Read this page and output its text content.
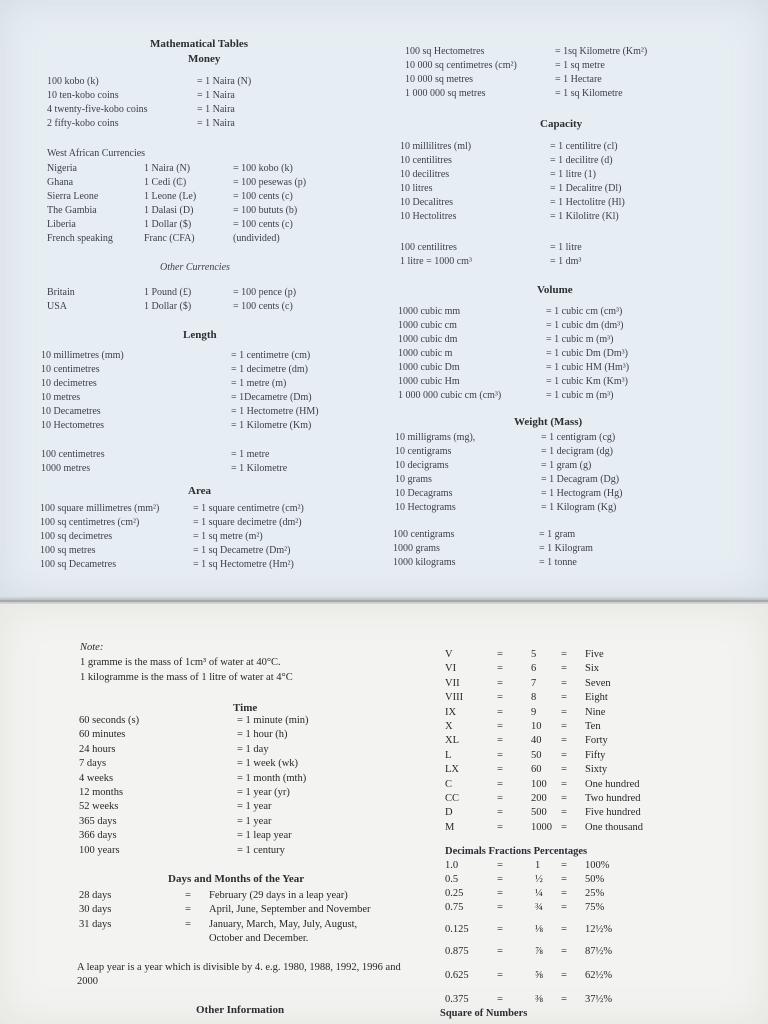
Mathematical Tables
Money
100 kobo (k)	= 1 Naira (N)
10 ten-kobo coins	= 1 Naira
4 twenty-five-kobo coins	= 1 Naira
2 fifty-kobo coins	= 1 Naira
West African Currencies
Nigeria	1 Naira (N)	= 100 kobo (k)
Ghana	1 Cedi (₵)	= 100 pesewas (p)
Sierra Leone	1 Leone (Le)	= 100 cents (c)
The Gambia	1 Dalasi (D)	= 100 bututs (b)
Liberia	1 Dollar ($)	= 100 cents (c)
French speaking	Franc (CFA)	(undivided)
Other Currencies
Britain	1 Pound (£)	= 100 pence (p)
USA	1 Dollar ($)	= 100 cents (c)
Length
10 millimetres (mm)	= 1 centimetre (cm)
10 centimetres	= 1 decimetre (dm)
10 decimetres	= 1 metre (m)
10 metres	= 1Decametre (Dm)
10 Decametres	= 1 Hectometre (HM)
10 Hectometres	= 1 Kilometre (Km)
100 centimetres	= 1 metre
1000 metres	= 1 Kilometre
Area
100 square millimetres (mm²)	= 1 square centimetre (cm²)
100 sq centimetres (cm²)	= 1 square decimetre (dm²)
100 sq decimetres	= 1 sq metre (m²)
100 sq metres	= 1 sq Decametre (Dm²)
100 sq Decametres	= 1 sq Hectometre (Hm²)
100 sq Hectometres	= 1sq Kilometre (Km²)
10 000 sq centimetres (cm²)	= 1 sq metre
10 000 sq metres	= 1 Hectare
1 000 000 sq metres	= 1 sq Kilometre
Capacity
10 millilitres (ml)	= 1 centilitre (cl)
10 centilitres	= 1 decilitre (d)
10 decilitres	= 1 litre (1)
10 litres	= 1 Decalitre (Dl)
10 Decalitres	= 1 Hectolitre (Hl)
10 Hectolitres	= 1 Kilolitre (Kl)
100 centilitres	= 1 litre
1 litre = 1000 cm³	= 1 dm³
Volume
1000 cubic mm	= 1 cubic cm (cm³)
1000 cubic cm	= 1 cubic dm (dm³)
1000 cubic dm	= 1 cubic m (m³)
1000 cubic m	= 1 cubic Dm (Dm³)
1000 cubic Dm	= 1 cubic HM (Hm³)
1000 cubic Hm	= 1 cubic Km (Km³)
1 000 000 cubic cm (cm³)	= 1 cubic m (m³)
Weight (Mass)
10 milligrams (mg),	= 1 centigram (cg)
10 centigrams	= 1 decigram (dg)
10 decigrams	= 1 gram (g)
10 grams	= 1 Decagram (Dg)
10 Decagrams	= 1 Hectogram (Hg)
10 Hectograms	= 1 Kilogram (Kg)
100 centigrams	= 1 gram
1000 grams	= 1 Kilogram
1000 kilograms	= 1 tonne
Note:
1 gramme is the mass of 1cm³ of water at 40°C.
1 kilogramme is the mass of 1 litre of water at 4°C
Time
60 seconds (s)	= 1 minute (min)
60 minutes	= 1 hour (h)
24 hours	= 1 day
7 days	= 1 week (wk)
4 weeks	= 1 month (mth)
12 months	= 1 year (yr)
52 weeks	= 1 year
365 days	= 1 year
366 days	= 1 leap year
100 years	= 1 century
Days and Months of the Year
28 days	= February (29 days in a leap year)
30 days	= April, June, September and November
31 days	= January, March, May, July, August,
October and December.
A leap year is a year which is divisible by 4. e.g. 1980, 1988, 1992, 1996 and 2000
Other Information
V	=	5 = Five
VI	=	6 = Six
VII	=	7 = Seven
VIII	=	8 = Eight
IX	=	9 = Nine
X	=	10 = Ten
XL	=	40 = Forty
L	=	50 = Fifty
LX	=	60 = Sixty
C	=	100 = One hundred
CC	=	200 = Two hundred
D	=	500 = Five hundred
M	=	1000 = One thousand
Decimals Fractions Percentages
1.0	=	1 = 100%
0.5	=	½ = 50%
0.25	=	¼ = 25%
0.75	=	¾ = 75%
0.125	=	⅛ = 12½%
0.875	=	⅞ = 87½%
0.625	=	⅝ = 62½%
0.375	=	⅜ = 37½%
Square of Numbers
